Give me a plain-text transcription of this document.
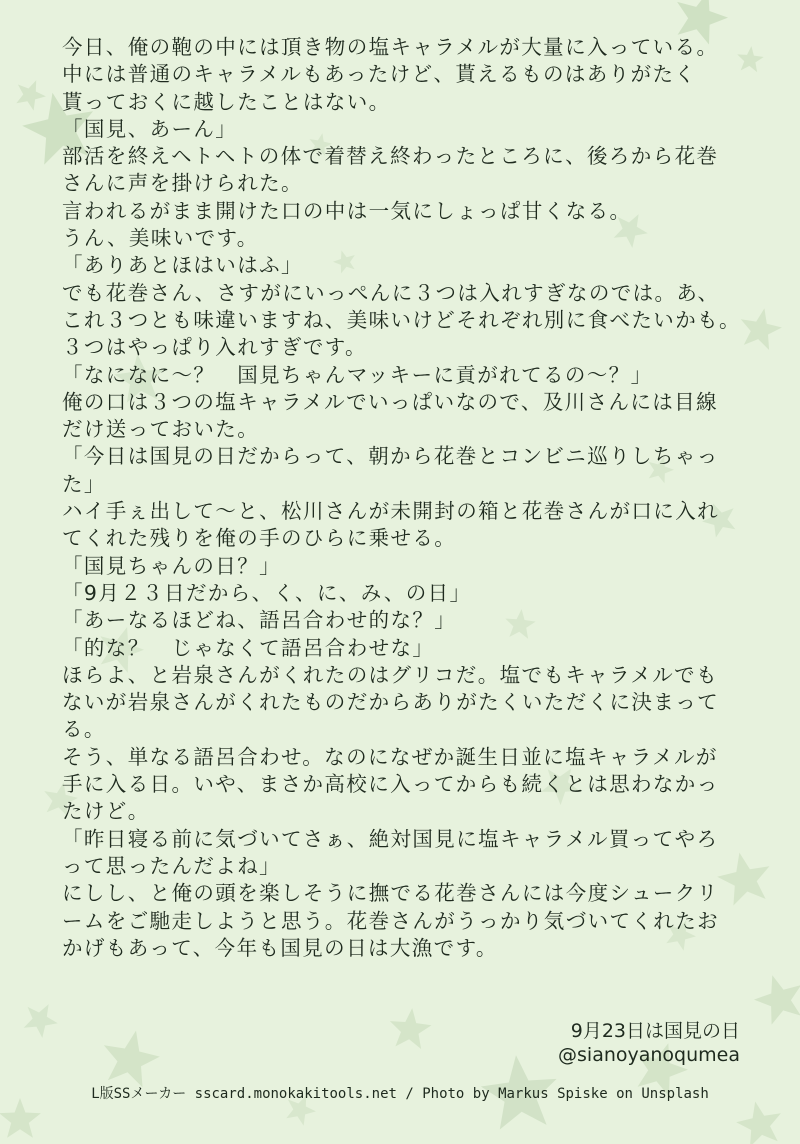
今日、俺の鞄の中には頂き物の塩キャラメルが大量に入っている。
中には普通のキャラメルもあったけど、貰えるものはありがたく
貰っておくに越したことはない。
「国見、あーん」
部活を終えヘトヘトの体で着替え終わったところに、後ろから花巻
さんに声を掛けられた。
言われるがまま開けた口の中は一気にしょっぱ甘くなる。
うん、美味いです。
「ありあとほはいはふ」
でも花巻さん、さすがにいっぺんに３つは入れすぎなのでは。あ、
これ３つとも味違いますね、美味いけどそれぞれ別に食べたいかも。
３つはやっぱり入れすぎです。
「なになに～？　国見ちゃんマッキーに貢がれてるの～？」
俺の口は３つの塩キャラメルでいっぱいなので、及川さんには目線
だけ送っておいた。
「今日は国見の日だからって、朝から花巻とコンビニ巡りしちゃっ
た」
ハイ手ぇ出して～と、松川さんが未開封の箱と花巻さんが口に入れ
てくれた残りを俺の手のひらに乗せる。
「国見ちゃんの日？」
「9月２３日だから、く、に、み、の日」
「あーなるほどね、語呂合わせ的な？」
「的な？　じゃなくて語呂合わせな」
ほらよ、と岩泉さんがくれたのはグリコだ。塩でもキャラメルでも
ないが岩泉さんがくれたものだからありがたくいただくに決まって
る。
そう、単なる語呂合わせ。なのになぜか誕生日並に塩キャラメルが
手に入る日。いや、まさか高校に入ってからも続くとは思わなかっ
たけど。
「昨日寝る前に気づいてさぁ、絶対国見に塩キャラメル買ってやろ
って思ったんだよね」
にしし、と俺の頭を楽しそうに撫でる花巻さんには今度シュークリ
ームをご馳走しようと思う。花巻さんがうっかり気づいてくれたお
かげもあって、今年も国見の日は大漁です。
9月23日は国見の日
@sianoyanoqumea
L版SSメーカー sscard.monokakitools.net / Photo by Markus Spiske on Unsplash
